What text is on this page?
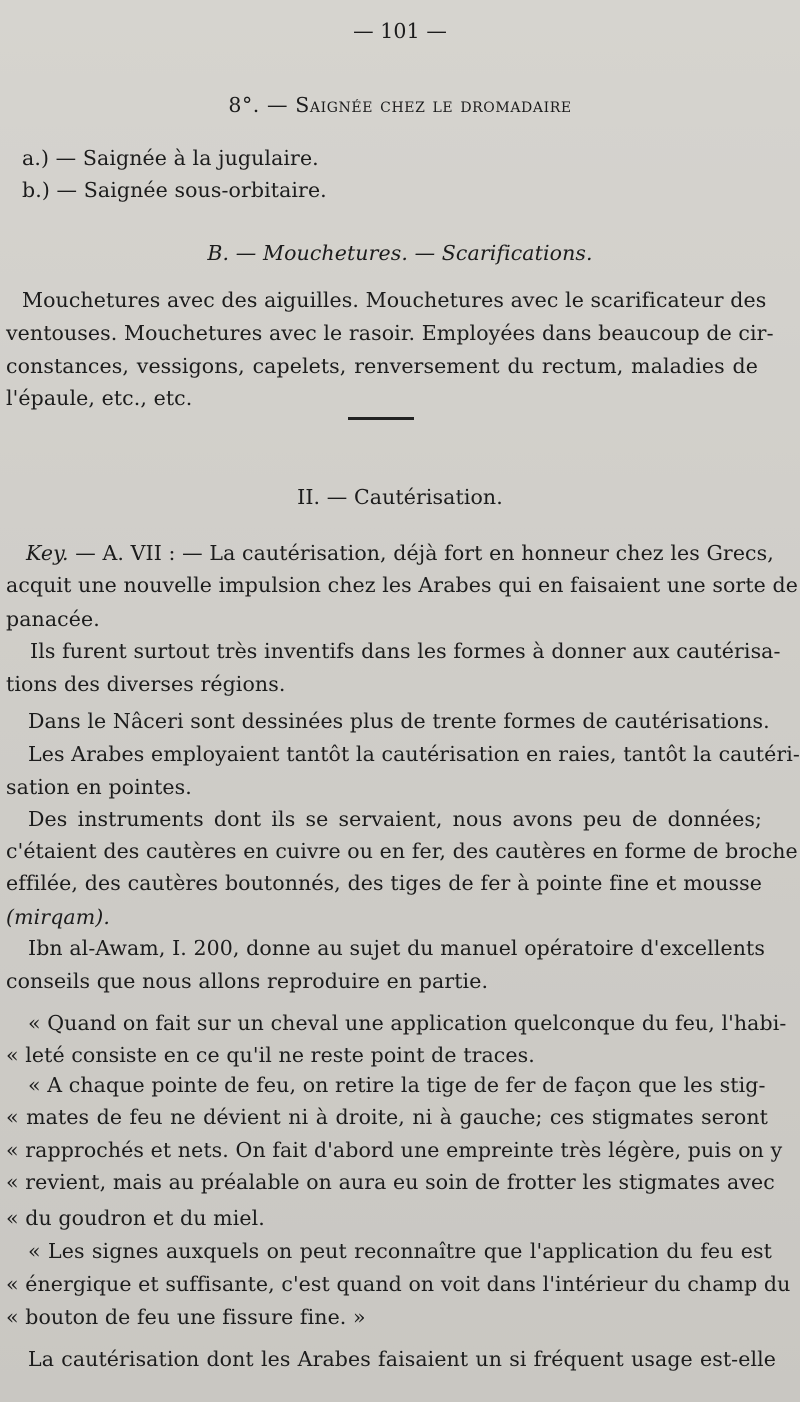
— 101 —
8°. — Saignée chez le dromadaire
a.) — Saignée à la jugulaire.
b.) — Saignée sous-orbitaire.
B. — Mouchetures. — Scarifications.
Mouchetures avec des aiguilles. Mouchetures avec le scarificateur des
ventouses. Mouchetures avec le rasoir. Employées dans beaucoup de cir-
constances, vessigons, capelets, renversement du rectum, maladies de
l'épaule, etc., etc.
II. — Cautérisation.
Key. — A. VII : — La cautérisation, déjà fort en honneur chez les Grecs,
acquit une nouvelle impulsion chez les Arabes qui en faisaient une sorte de
panacée.
Ils furent surtout très inventifs dans les formes à donner aux cautérisa-
tions des diverses régions.
Dans le Nâceri sont dessinées plus de trente formes de cautérisations.
Les Arabes employaient tantôt la cautérisation en raies, tantôt la cautéri-
sation en pointes.
Des instruments dont ils se servaient, nous avons peu de données;
c'étaient des cautères en cuivre ou en fer, des cautères en forme de broche
effilée, des cautères boutonnés, des tiges de fer à pointe fine et mousse
(mirqam).
Ibn al-Awam, I. 200, donne au sujet du manuel opératoire d'excellents
conseils que nous allons reproduire en partie.
« Quand on fait sur un cheval une application quelconque du feu, l'habi-
« leté consiste en ce qu'il ne reste point de traces.
« A chaque pointe de feu, on retire la tige de fer de façon que les stig-
« mates de feu ne dévient ni à droite, ni à gauche; ces stigmates seront
« rapprochés et nets. On fait d'abord une empreinte très légère, puis on y
« revient, mais au préalable on aura eu soin de frotter les stigmates avec
« du goudron et du miel.
« Les signes auxquels on peut reconnaître que l'application du feu est
« énergique et suffisante, c'est quand on voit dans l'intérieur du champ du
« bouton de feu une fissure fine. »
La cautérisation dont les Arabes faisaient un si fréquent usage est-elle
